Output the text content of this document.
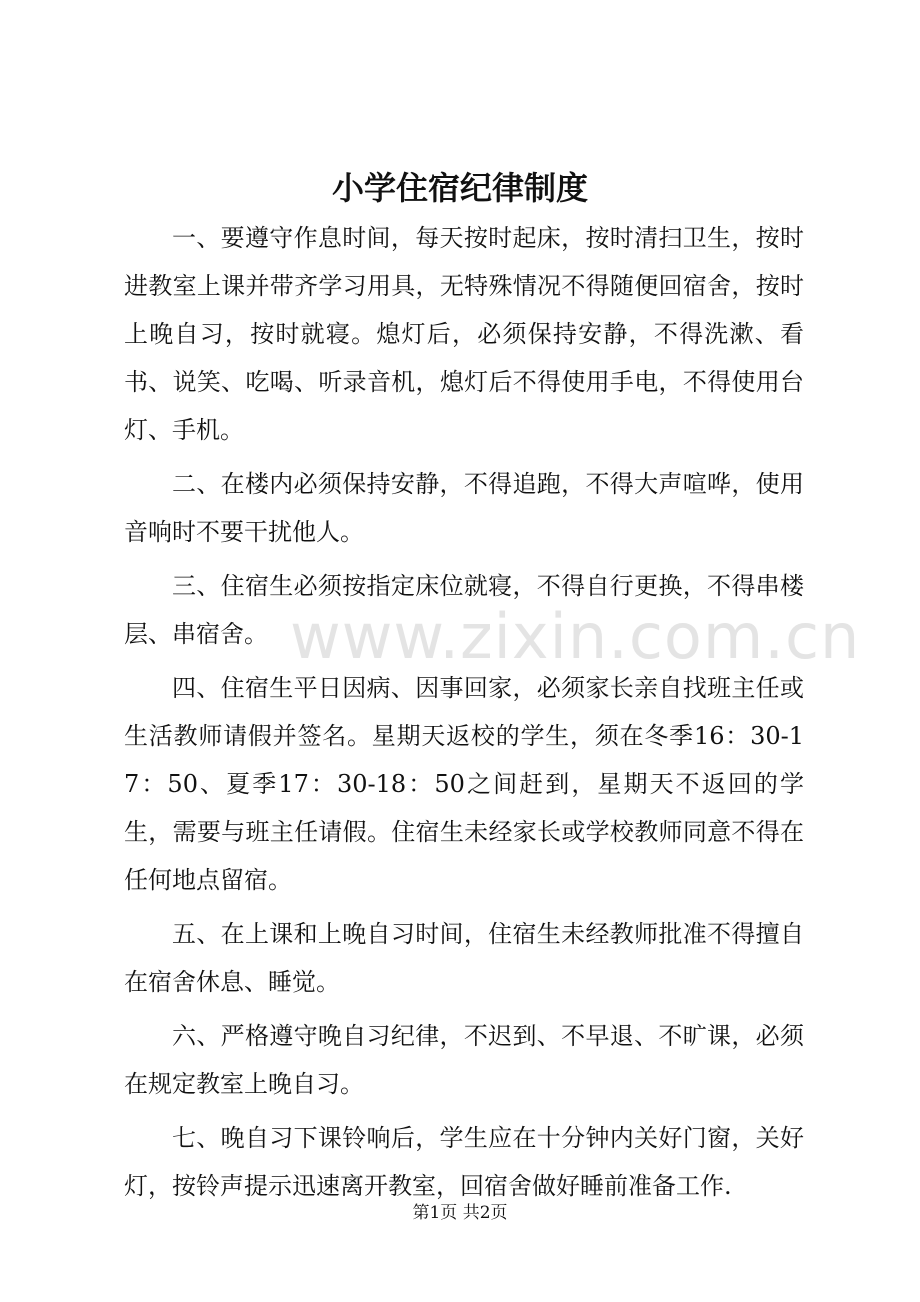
www.zixin.com.cn
小学住宿纪律制度

一、要遵守作息时间，每天按时起床，按时清扫卫生，按时进教室上课并带齐学习用具，无特殊情况不得随便回宿舍，按时上晚自习，按时就寝。熄灯后，必须保持安静，不得洗漱、看书、说笑、吃喝、听录音机，熄灯后不得使用手电，不得使用台灯、手机。

二、在楼内必须保持安静，不得追跑，不得大声喧哗，使用音响时不要干扰他人。

三、住宿生必须按指定床位就寝，不得自行更换，不得串楼层、串宿舍。

四、住宿生平日因病、因事回家，必须家长亲自找班主任或生活教师请假并签名。星期天返校的学生，须在冬季16：30-17：50、夏季17：30-18：50之间赶到，星期天不返回的学生，需要与班主任请假。住宿生未经家长或学校教师同意不得在任何地点留宿。

五、在上课和上晚自习时间，住宿生未经教师批准不得擅自在宿舍休息、睡觉。

六、严格遵守晚自习纪律，不迟到、不早退、不旷课，必须在规定教室上晚自习。

七、晚自习下课铃响后，学生应在十分钟内关好门窗，关好灯，按铃声提示迅速离开教室，回宿舍做好睡前准备工作.

第1页 共2页
